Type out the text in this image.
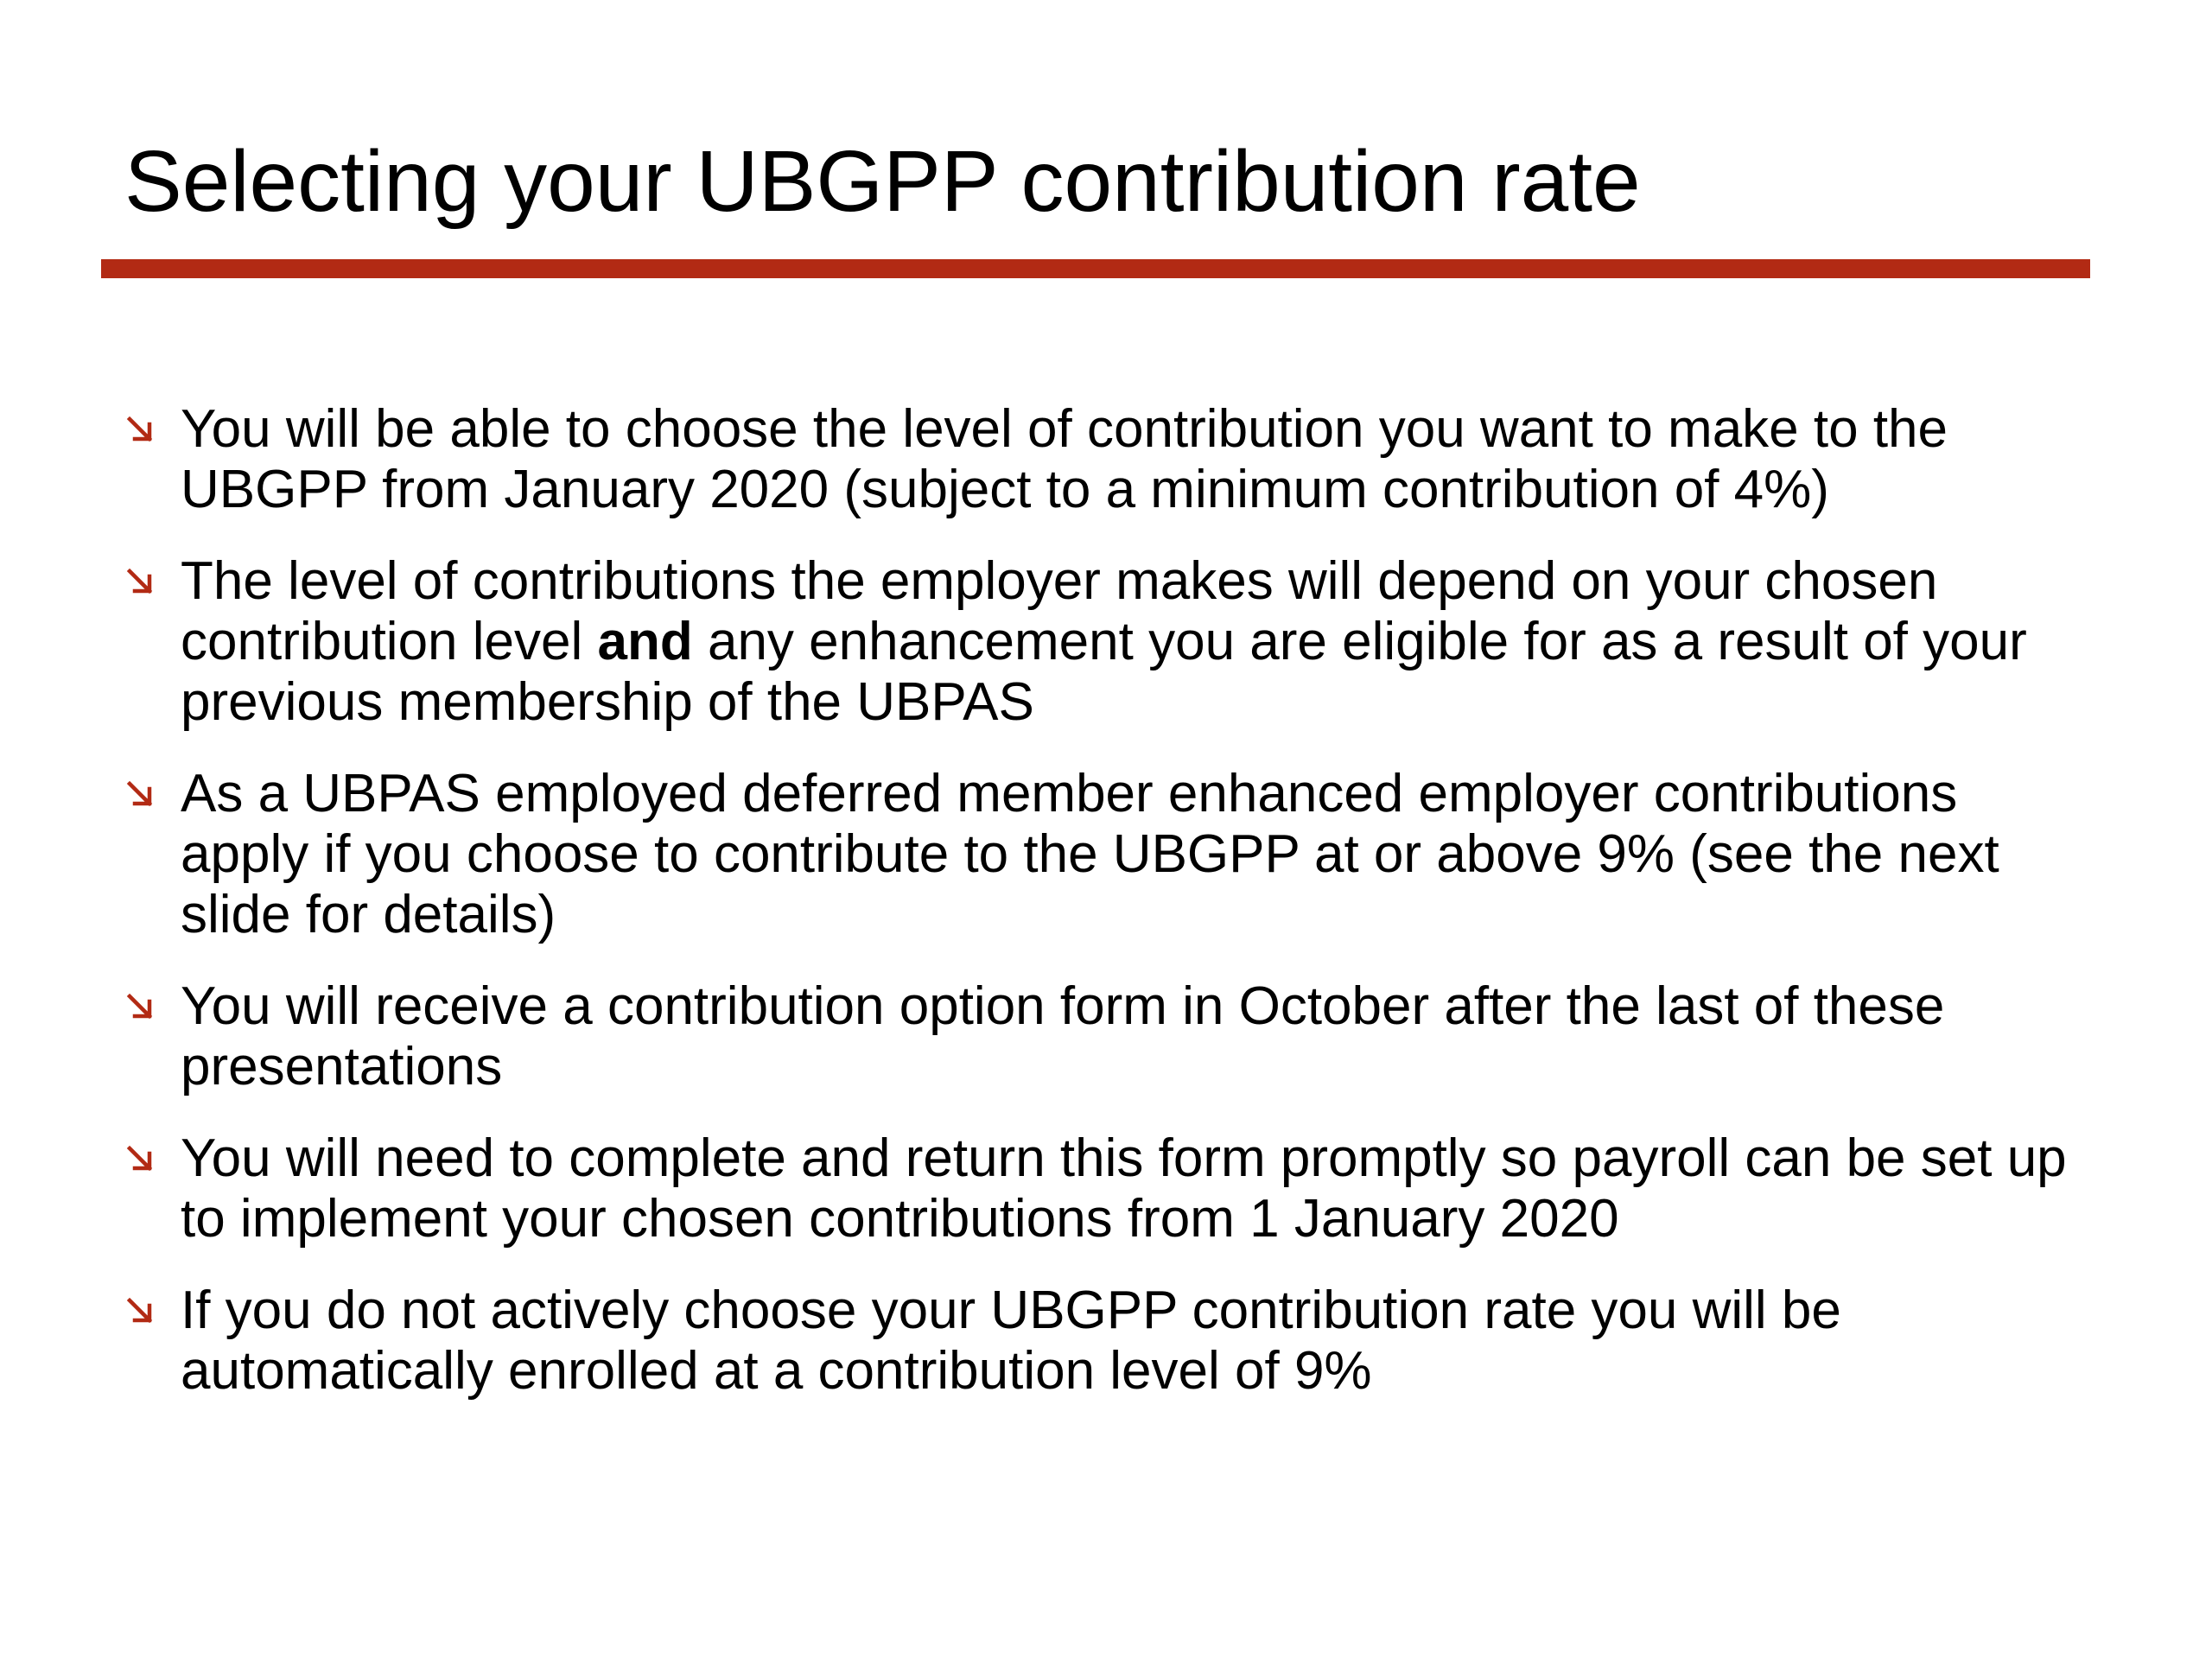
Selecting your UBGPP contribution rate
You will be able to choose the level of contribution you want to make to the UBGPP from January 2020 (subject to a minimum contribution of 4%)
The level of contributions the employer makes will depend on your chosen contribution level and any enhancement you are eligible for as a result of your previous membership of the UBPAS
As a UBPAS employed deferred member enhanced employer contributions apply if you choose to contribute to the UBGPP at or above 9% (see the next slide for details)
You will receive a contribution option form in October after the last of these presentations
You will need to complete and return this form promptly so payroll can be set up to implement your chosen contributions from 1 January 2020
If you do not actively choose your UBGPP contribution rate you will be automatically enrolled at a contribution level of 9%
